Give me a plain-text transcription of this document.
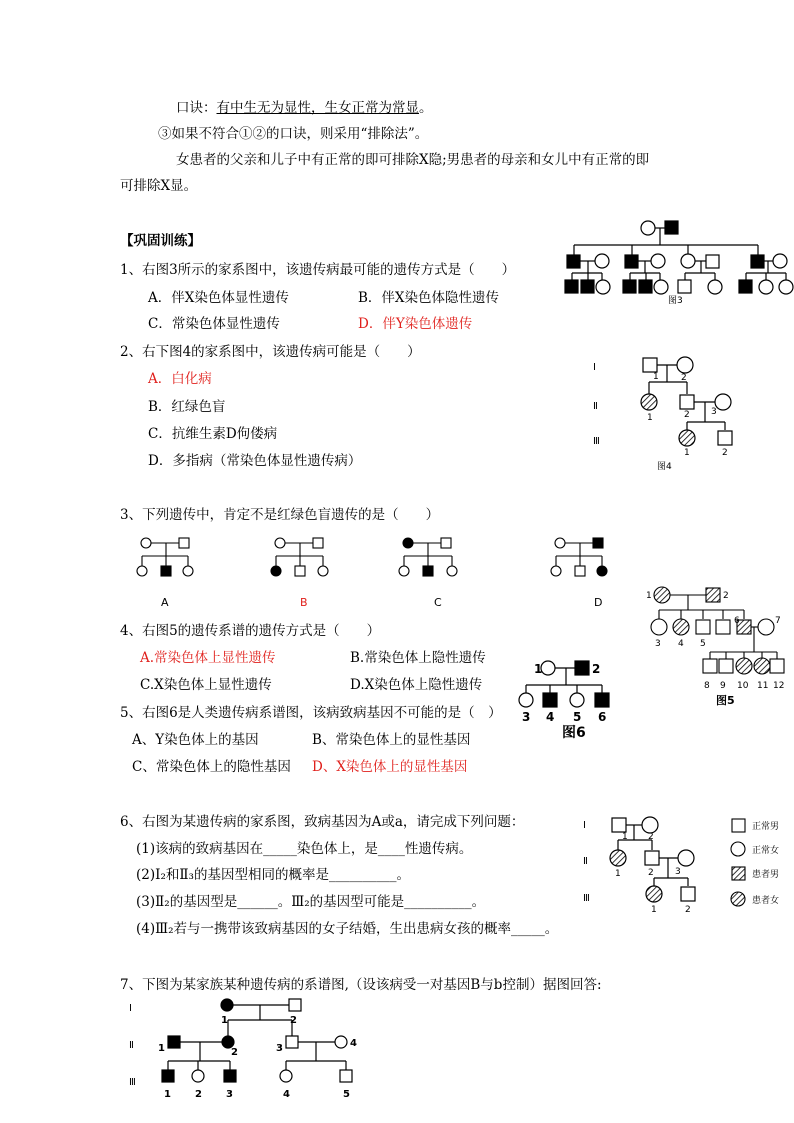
口诀：有中生无为显性，生女正常为常显。
③如果不符合①②的口诀，则采用“排除法”。
女患者的父亲和儿子中有正常的即可排除X隐;男患者的母亲和女儿中有正常的即
可排除X显。
【巩固训练】
1、右图3所示的家系图中，该遗传病最可能的遗传方式是（　　）
A．伴X染色体显性遗传	B．伴X染色体隐性遗传
C．常染色体显性遗传	D．伴Y染色体遗传
图3
2、右下图4的家系图中，该遗传病可能是（　　）
A．白化病
B．红绿色盲
C．抗维生素D佝偻病
D．多指病（常染色体显性遗传病）
Ⅰ
Ⅱ
Ⅲ
1 2
1	2 3
1	2
图4
3、下列遗传中，肯定不是红绿色盲遗传的是（　　）
A	B	C	D
4、右图5的遗传系谱的遗传方式是（　　）
A.常染色体上显性遗传	B.常染色体上隐性遗传
C.X染色体上显性遗传	D.X染色体上隐性遗传
1	2
3 4 5
6	7
8 9 10 11 12
图5
1	2
3 4 5 6
图6
5、右图6是人类遗传病系谱图，该病致病基因不可能的是（　）
A、Y染色体上的基因	B、常染色体上的显性基因
C、常染色体上的隐性基因 D、X染色体上的显性基因
6、右图为某遗传病的家系图，致病基因为A或a，请完成下列问题：
(1)该病的致病基因在_____染色体上，是____性遗传病。
(2)I₂和Ⅱ₃的基因型相同的概率是__________。
(3)Ⅱ₂的基因型是______。Ⅲ₂的基因型可能是__________。
(4)Ⅲ₂若与一携带该致病基因的女子结婚，生出患病女孩的概率_____。
Ⅰ
Ⅱ
Ⅲ
1 2
1	2 3
1	2
正常男
正常女
患者男
患者女
7、下图为某家族某种遗传病的系谱图,（设该病受一对基因B与b控制）据图回答:
Ⅰ
Ⅱ
Ⅲ
1	2
1	2	3	4
1 2 3	4	5
